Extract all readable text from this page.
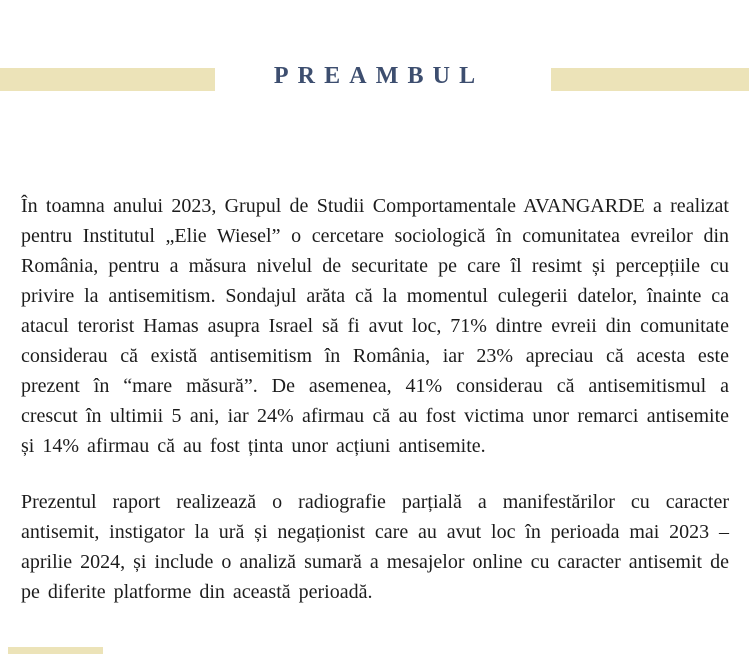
PREAMBUL

În toamna anului 2023, Grupul de Studii Comportamentale AVANGARDE a realizat pentru Institutul „Elie Wiesel” o cercetare sociologică în comunitatea evreilor din România, pentru a măsura nivelul de securitate pe care îl resimt și percepțiile cu privire la antisemitism. Sondajul arăta că la momentul culegerii datelor, înainte ca atacul terorist Hamas asupra Israel să fi avut loc, 71% dintre evreii din comunitate considerau că există antisemitism în România, iar 23% apreciau că acesta este prezent în “mare măsură”. De asemenea, 41% considerau că antisemitismul a crescut în ultimii 5 ani, iar 24% afirmau că au fost victima unor remarci antisemite și 14% afirmau că au fost ținta unor acțiuni antisemite.

Prezentul raport realizează o radiografie parțială a manifestărilor cu caracter antisemit, instigator la ură și negaționist care au avut loc în perioada mai 2023 – aprilie 2024, și include o analiză sumară a mesajelor online cu caracter antisemit de pe diferite platforme din această perioadă.
